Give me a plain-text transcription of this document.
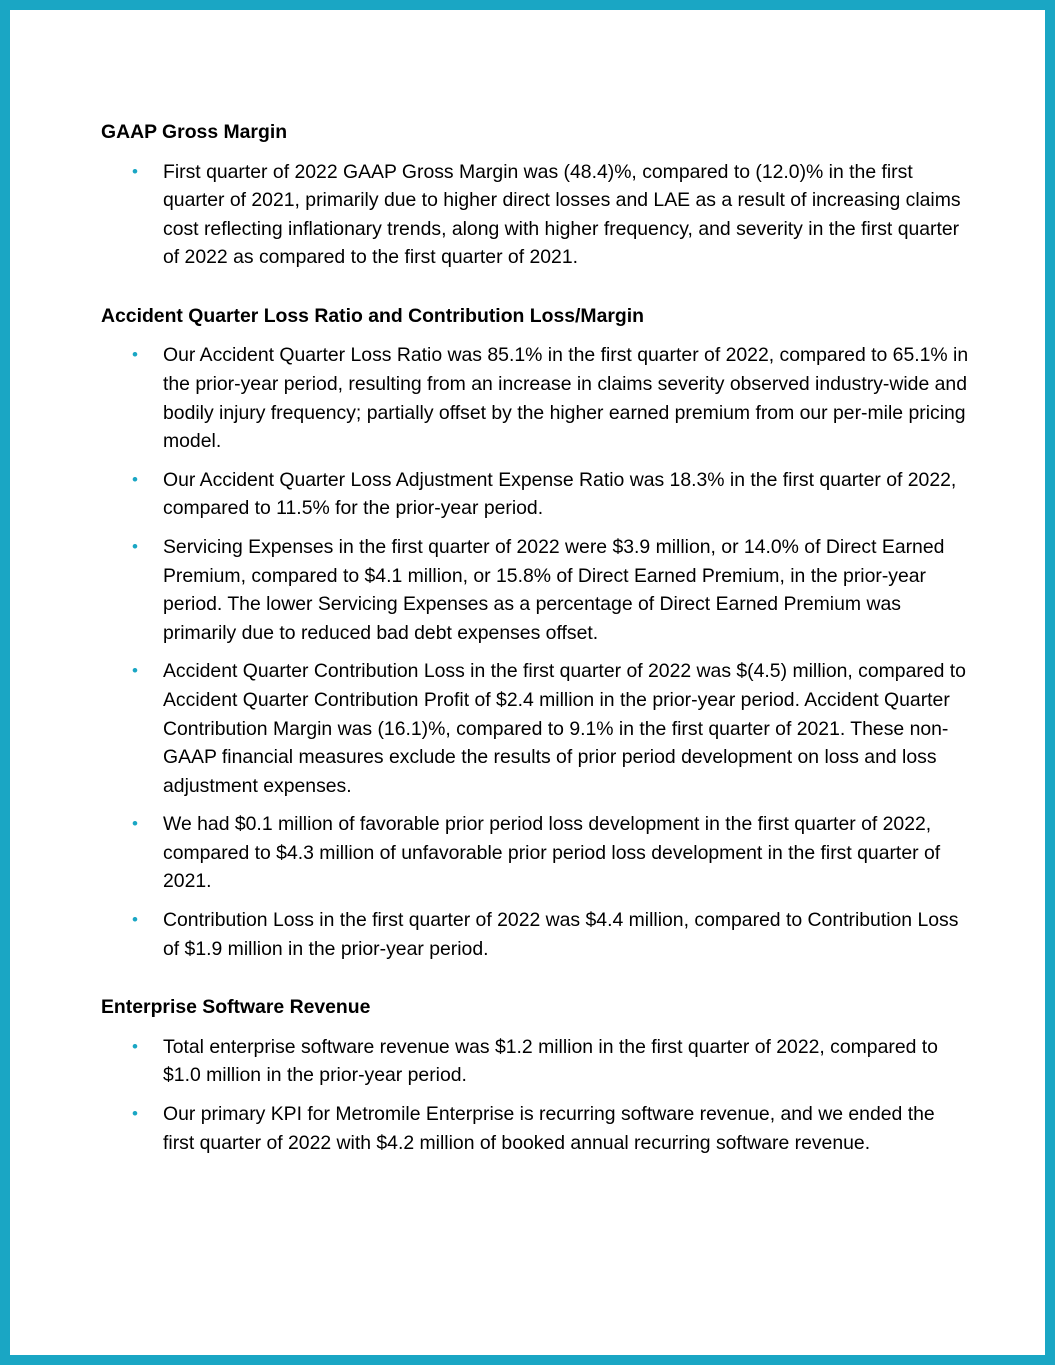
GAAP Gross Margin
• First quarter of 2022 GAAP Gross Margin was (48.4)%, compared to (12.0)% in the first quarter of 2021, primarily due to higher direct losses and LAE as a result of increasing claims cost reflecting inflationary trends, along with higher frequency, and severity in the first quarter of 2022 as compared to the first quarter of 2021.
Accident Quarter Loss Ratio and Contribution Loss/Margin
• Our Accident Quarter Loss Ratio was 85.1% in the first quarter of 2022, compared to 65.1% in the prior-year period, resulting from an increase in claims severity observed industry-wide and bodily injury frequency; partially offset by the higher earned premium from our per-mile pricing model.
• Our Accident Quarter Loss Adjustment Expense Ratio was 18.3% in the first quarter of 2022, compared to 11.5% for the prior-year period.
• Servicing Expenses in the first quarter of 2022 were $3.9 million, or 14.0% of Direct Earned Premium, compared to $4.1 million, or 15.8% of Direct Earned Premium, in the prior-year period. The lower Servicing Expenses as a percentage of Direct Earned Premium was primarily due to reduced bad debt expenses offset.
• Accident Quarter Contribution Loss in the first quarter of 2022 was $(4.5) million, compared to Accident Quarter Contribution Profit of $2.4 million in the prior-year period. Accident Quarter Contribution Margin was (16.1)%, compared to 9.1% in the first quarter of 2021. These non-GAAP financial measures exclude the results of prior period development on loss and loss adjustment expenses.
• We had $0.1 million of favorable prior period loss development in the first quarter of 2022, compared to $4.3 million of unfavorable prior period loss development in the first quarter of 2021.
• Contribution Loss in the first quarter of 2022 was $4.4 million, compared to Contribution Loss of $1.9 million in the prior-year period.
Enterprise Software Revenue
• Total enterprise software revenue was $1.2 million in the first quarter of 2022, compared to $1.0 million in the prior-year period.
• Our primary KPI for Metromile Enterprise is recurring software revenue, and we ended the first quarter of 2022 with $4.2 million of booked annual recurring software revenue.
